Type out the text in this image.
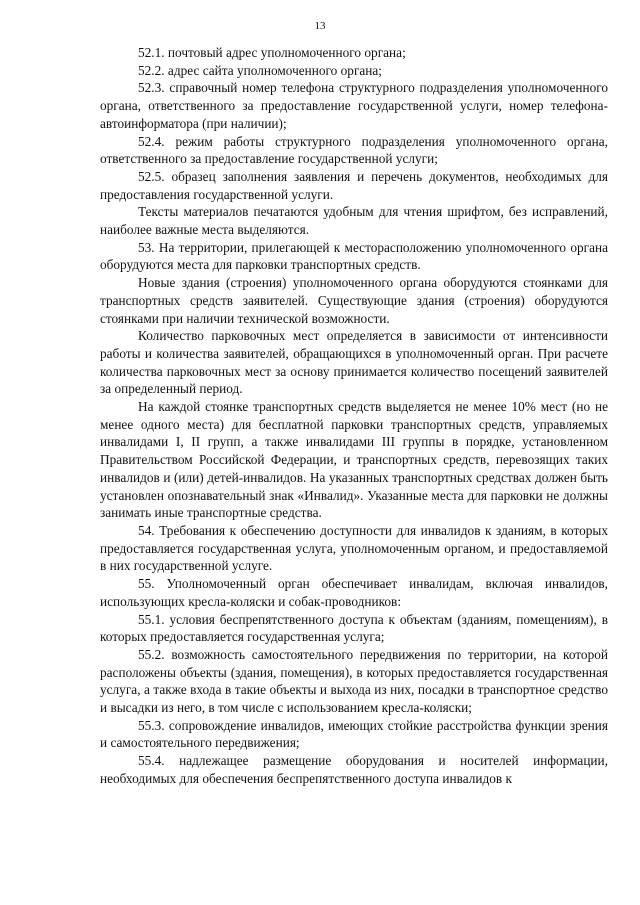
13

52.1. почтовый адрес уполномоченного органа;

52.2. адрес сайта уполномоченного органа;

52.3. справочный номер телефона структурного подразделения уполномоченного органа, ответственного за предоставление государственной услуги, номер телефона-автоинформатора (при наличии);

52.4. режим работы структурного подразделения уполномоченного органа, ответственного за предоставление государственной услуги;

52.5. образец заполнения заявления и перечень документов, необходимых для предоставления государственной услуги.

Тексты материалов печатаются удобным для чтения шрифтом, без исправлений, наиболее важные места выделяются.

53. На территории, прилегающей к месторасположению уполномоченного органа оборудуются места для парковки транспортных средств.

Новые здания (строения) уполномоченного органа оборудуются стоянками для транспортных средств заявителей. Существующие здания (строения) оборудуются стоянками при наличии технической возможности.

Количество парковочных мест определяется в зависимости от интенсивности работы и количества заявителей, обращающихся в уполномоченный орган. При расчете количества парковочных мест за основу принимается количество посещений заявителей за определенный период.

На каждой стоянке транспортных средств выделяется не менее 10% мест (но не менее одного места) для бесплатной парковки транспортных средств, управляемых инвалидами I, II групп, а также инвалидами III группы в порядке, установленном Правительством Российской Федерации, и транспортных средств, перевозящих таких инвалидов и (или) детей-инвалидов. На указанных транспортных средствах должен быть установлен опознавательный знак «Инвалид». Указанные места для парковки не должны занимать иные транспортные средства.

54. Требования к обеспечению доступности для инвалидов к зданиям, в которых предоставляется государственная услуга, уполномоченным органом, и предоставляемой в них государственной услуге.

55. Уполномоченный орган обеспечивает инвалидам, включая инвалидов, использующих кресла-коляски и собак-проводников:

55.1. условия беспрепятственного доступа к объектам (зданиям, помещениям), в которых предоставляется государственная услуга;

55.2. возможность самостоятельного передвижения по территории, на которой расположены объекты (здания, помещения), в которых предоставляется государственная услуга, а также входа в такие объекты и выхода из них, посадки в транспортное средство и высадки из него, в том числе с использованием кресла-коляски;

55.3. сопровождение инвалидов, имеющих стойкие расстройства функции зрения и самостоятельного передвижения;

55.4. надлежащее размещение оборудования и носителей информации, необходимых для обеспечения беспрепятственного доступа инвалидов к
